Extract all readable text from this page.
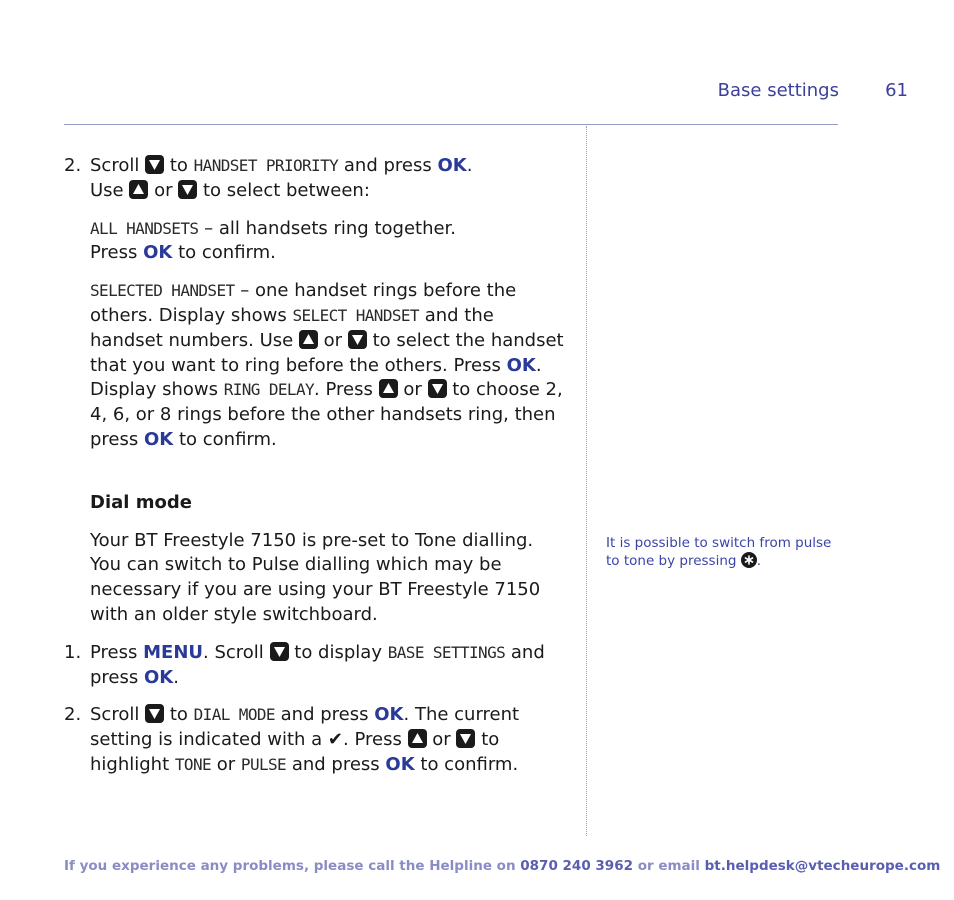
Base settings	61
2. Scroll to HANDSET PRIORITY and press OK.
Use or to select between:

ALL HANDSETS – all handsets ring together.
Press OK to confirm.

SELECTED HANDSET – one handset rings before the others. Display shows SELECT HANDSET and the handset numbers. Use or to select the handset that you want to ring before the others. Press OK. Display shows RING DELAY. Press or to choose 2, 4, 6, or 8 rings before the other handsets ring, then press OK to confirm.

Dial mode

Your BT Freestyle 7150 is pre-set to Tone dialling.
You can switch to Pulse dialling which may be necessary if you are using your BT Freestyle 7150 with an older style switchboard.

1. Press MENU. Scroll to display BASE SETTINGS and press OK.

2. Scroll to DIAL MODE and press OK. The current setting is indicated with a ✔. Press or to highlight TONE or PULSE and press OK to confirm.

It is possible to switch from pulse to tone by pressing .
If you experience any problems, please call the Helpline on 0870 240 3962 or email bt.helpdesk@vtecheurope.com
